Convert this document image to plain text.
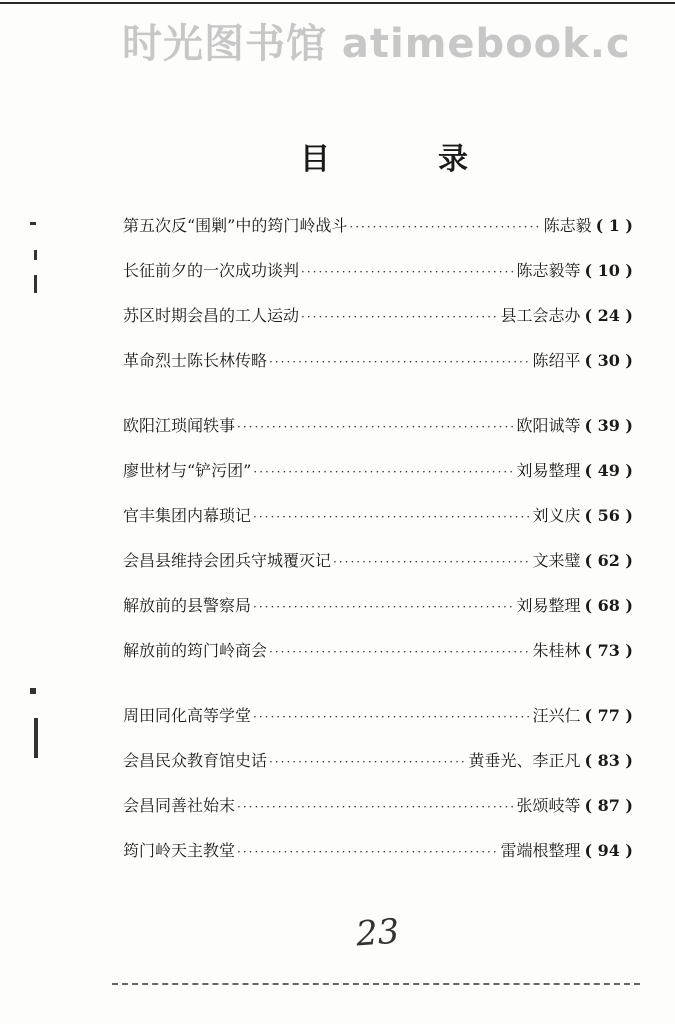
时光图书馆 atimebook.c
目录
第五次反“围剿”中的筠门岭战斗 ·····	陈志毅 ( 1 )
长征前夕的一次成功谈判 ·····	陈志毅等 ( 10 )
苏区时期会昌的工人运动 ·····	县工会志办 ( 24 )
革命烈士陈长林传略 ·····	陈绍平 ( 30 )
欧阳江琐闻轶事 ·····	欧阳诚等 ( 39 )
廖世材与“铲污团” ·····	刘易整理 ( 49 )
官丰集团内幕琐记 ·····	刘义庆 ( 56 )
会昌县维持会团兵守城覆灭记 ·····	文来璧 ( 62 )
解放前的县警察局 ·····	刘易整理 ( 68 )
解放前的筠门岭商会 ·····	朱桂林 ( 73 )
周田同化高等学堂 ·····	汪兴仁 ( 77 )
会昌民众教育馆史话 ·····	黄垂光、李正凡 ( 83 )
会昌同善社始末 ·····	张颂岐等 ( 87 )
筠门岭天主教堂 ·····	雷端根整理 ( 94 )
23
